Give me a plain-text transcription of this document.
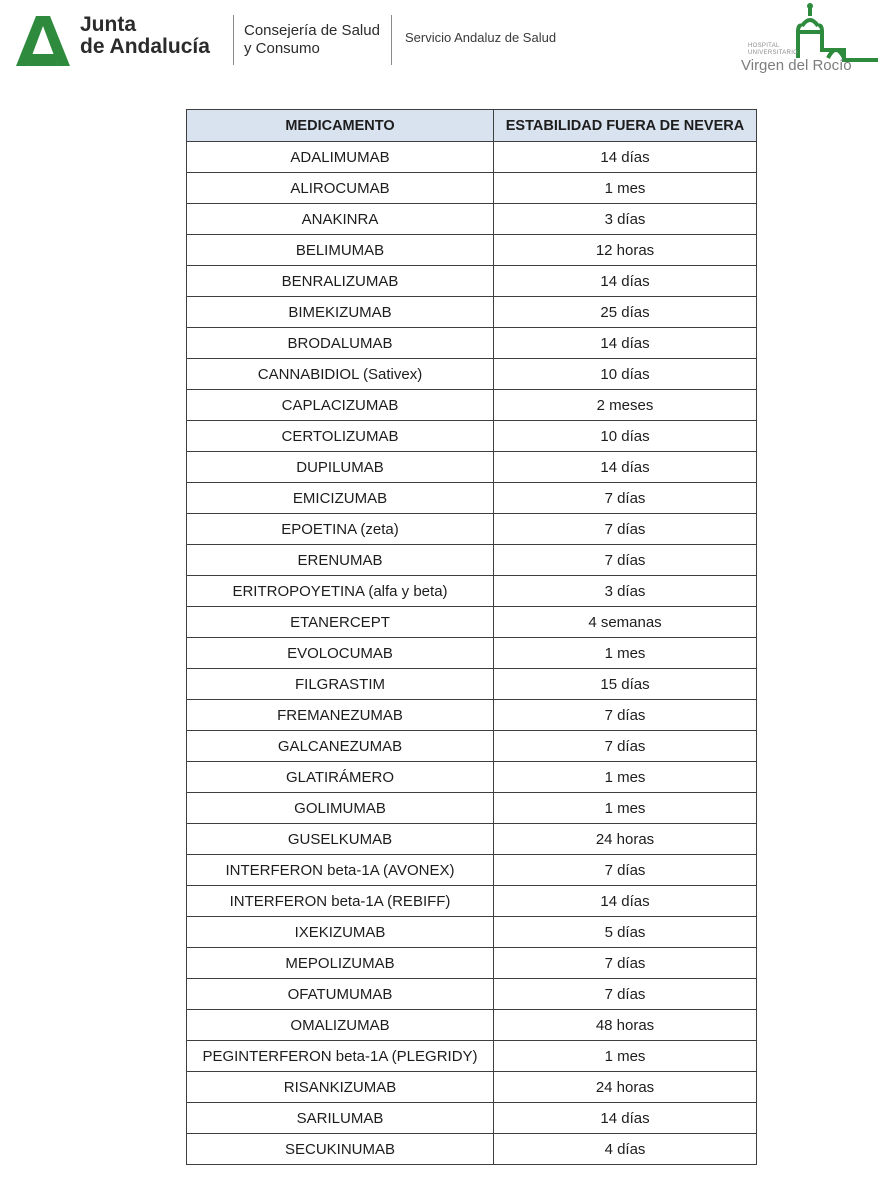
Junta
de Andalucía
Consejería de Salud
y Consumo
Servicio Andaluz de Salud
HOSPITAL
UNIVERSITARIO
Virgen del Rocío
MEDICAMENTO	ESTABILIDAD FUERA DE NEVERA
ADALIMUMAB	14 días
ALIROCUMAB	1 mes
ANAKINRA	3 días
BELIMUMAB	12 horas
BENRALIZUMAB	14 días
BIMEKIZUMAB	25 días
BRODALUMAB	14 días
CANNABIDIOL (Sativex)	10 días
CAPLACIZUMAB	2 meses
CERTOLIZUMAB	10 días
DUPILUMAB	14 días
EMICIZUMAB	7 días
EPOETINA (zeta)	7 días
ERENUMAB	7 días
ERITROPOYETINA (alfa y beta)	3 días
ETANERCEPT	4 semanas
EVOLOCUMAB	1 mes
FILGRASTIM	15 días
FREMANEZUMAB	7 días
GALCANEZUMAB	7 días
GLATIRÁMERO	1 mes
GOLIMUMAB	1 mes
GUSELKUMAB	24 horas
INTERFERON beta-1A (AVONEX)	7 días
INTERFERON beta-1A (REBIFF)	14 días
IXEKIZUMAB	5 días
MEPOLIZUMAB	7 días
OFATUMUMAB	7 días
OMALIZUMAB	48 horas
PEGINTERFERON beta-1A (PLEGRIDY)	1 mes
RISANKIZUMAB	24 horas
SARILUMAB	14 días
SECUKINUMAB	4 días
